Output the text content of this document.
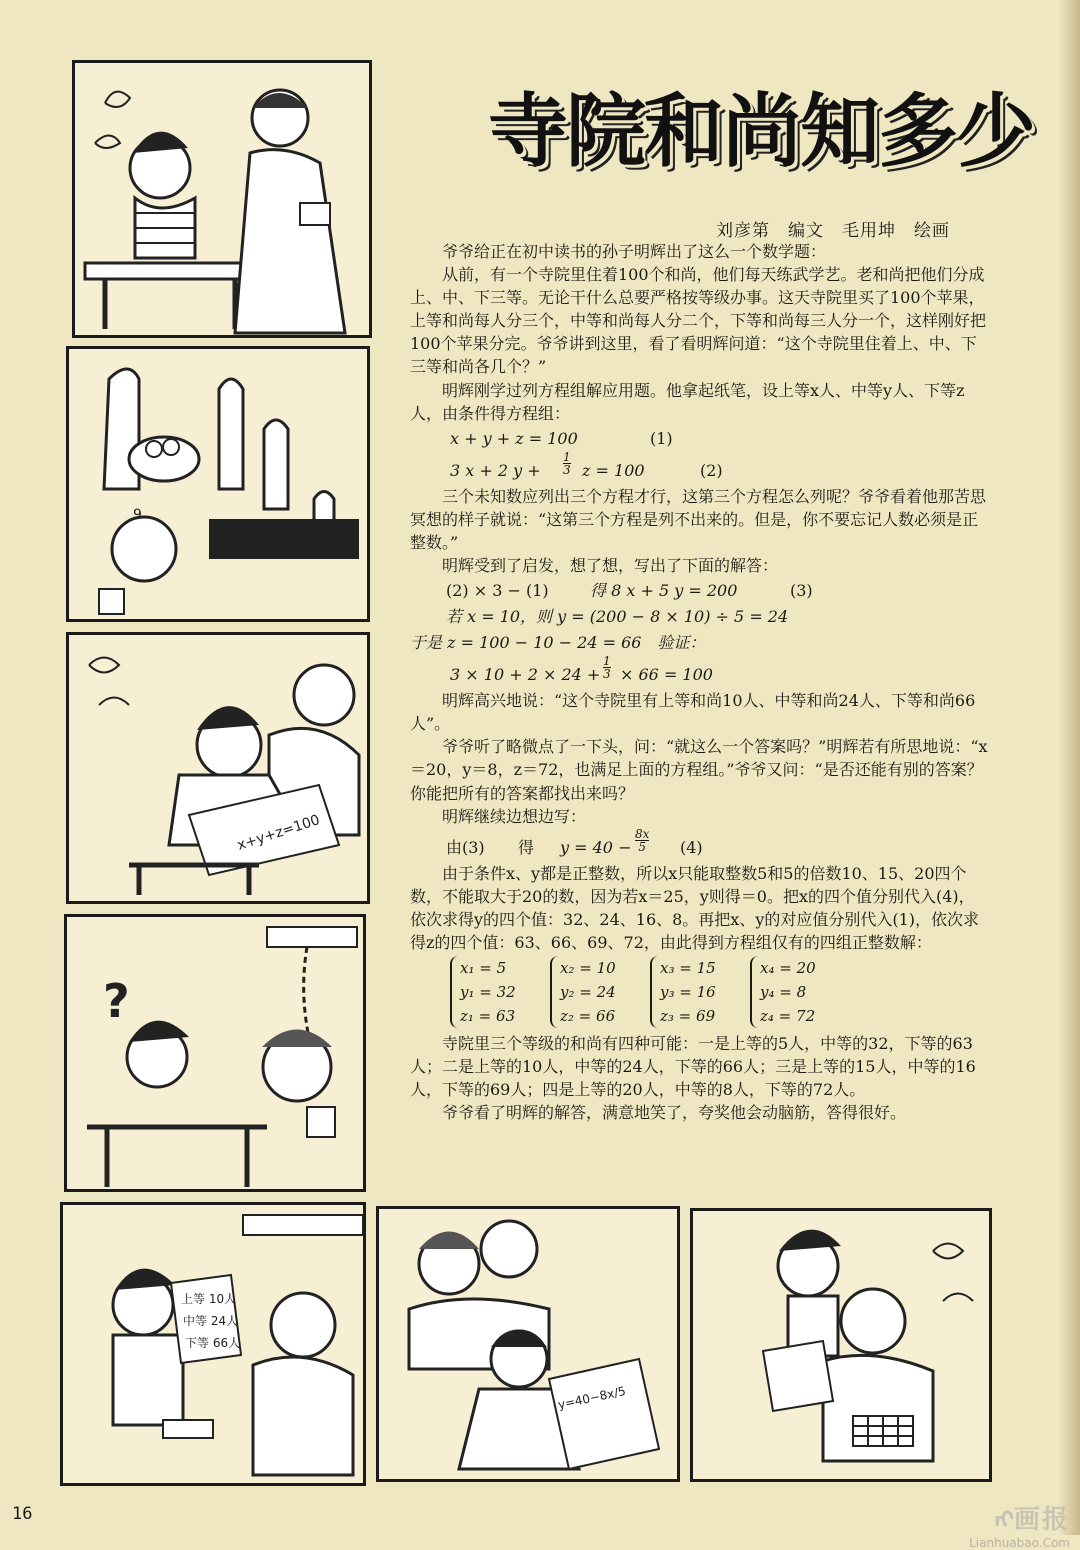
9
x+y+z=100
?
上等 10人
中等 24人
下等 66人
y=40−8x/5
寺院和尚知多少
刘彦第　编文　毛用坤　绘画

爷爷给正在初中读书的孙子明辉出了这么一个数学题：

从前，有一个寺院里住着100个和尚，他们每天练武学艺。老和尚把他们分成上、中、下三等。无论干什么总要严格按等级办事。这天寺院里买了100个苹果，上等和尚每人分三个，中等和尚每人分二个，下等和尚每三人分一个，这样刚好把100个苹果分完。爷爷讲到这里，看了看明辉问道：“这个寺院里住着上、中、下三等和尚各几个？”

明辉刚学过列方程组解应用题。他拿起纸笔，设上等x人、中等y人、下等z人，由条件得方程组：

x + y + z = 100	(1)
3 x + 2 $y + \frac{1}{3}$ z = 100	(2)

三个未知数应列出三个方程才行，这第三个方程怎么列呢？爷爷看着他那苦思冥想的样子就说：“这第三个方程是列不出来的。但是，你不要忘记人数必须是正整数。”

明辉受到了启发，想了想，写出了下面的解答：

(2) × 3 − (1)	得 8 x + 5 y = 200	(3)
若 x = 10，则 y = (200 − 8 × 10) ÷ 5 = 24
于是 z = 100 − 10 − 24 = 66　验证：
$3 \times 10 + 2 \times 24 + \frac{1}{3} \times 66 = 100$

明辉高兴地说：“这个寺院里有上等和尚10人、中等和尚24人、下等和尚66人”。

爷爷听了略微点了一下头，问：“就这么一个答案吗？”明辉若有所思地说：“x＝20，y＝8，z＝72，也满足上面的方程组。”爷爷又问：“是否还能有别的答案？你能把所有的答案都找出来吗？

明辉继续边想边写：

由(3) 得 $y = 40 - \frac{8x}{5} (4)$

由于条件x、y都是正整数，所以x只能取整数5和5的倍数10、15、20四个数，不能取大于20的数，因为若x＝25，y则得＝0。把x的四个值分别代入(4)，依次求得y的四个值：32、24、16、8。再把x、y的对应值分别代入(1)，依次求得z的四个值：63、66、69、72，由此得到方程组仅有的四组正整数解：

x₁ = 5
y₁ = 32
z₁ = 63
x₂ = 10
y₂ = 24
z₂ = 66
x₃ = 15
y₃ = 16
z₃ = 69
x₄ = 20
y₄ = 8
z₄ = 72

寺院里三个等级的和尚有四种可能：一是上等的5人，中等的32，下等的63人；二是上等的10人，中等的24人，下等的66人；三是上等的15人，中等的16人，下等的69人；四是上等的20人，中等的8人，下等的72人。

爷爷看了明辉的解答，满意地笑了，夸奖他会动脑筋，答得很好。

16	ᡢ画报
Lianhuabao.Com
